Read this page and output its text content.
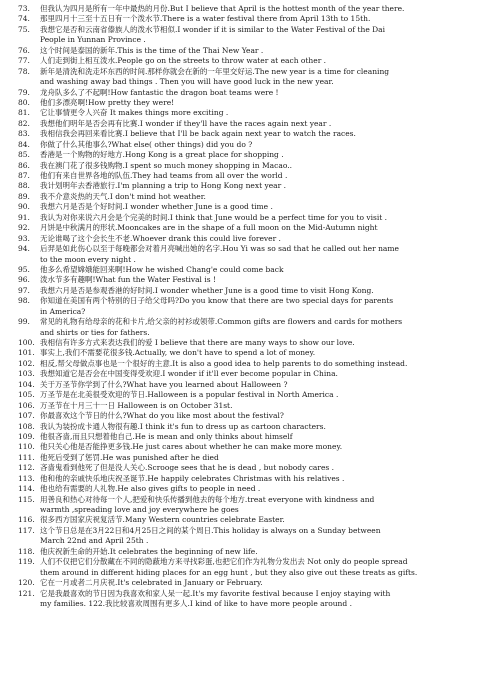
73. 但我认为四月是所有一年中最热的月份.But I believe that April is the hottest month of the year there.
74. 那里四月十三至十五日有一个泼水节.There is a water festival there from April 13th to 15th.
75. 我想它是否和云南省傣族人的泼水节相似.I wonder if it is similar to the Water Festival of the Dai
People in Yunnan Province .
76. 这个时间是泰国的新年.This is the time of the Thai New Year .
77. 人们走到街上相互泼水.People go on the streets to throw water at each other .
78. 新年是清洗和洗走坏东西的时间.那样你就会在新的一年里交好运.The new year is a time for cleaning
and washing away bad things . Then you will have good luck in the new year.
79. 龙舟队多么了不起啊!How fantastic the dragon boat teams were !
80. 他们多漂亮啊!How pretty they were!
81. 它让事情更令人兴奋 It makes things more exciting .
82. 我想他们明年是否会再有比赛.I wonder if they'll have the races again next year .
83. 我相信我会再回来看比赛.I believe that I'll be back again next year to watch the races.
84. 你做了什么其他事么?What else( other things) did you do ?
85. 香港是一个购物的好地方.Hong Kong is a great place for shopping .
86. 我在澳门花了很多钱购物.I spent so much money shopping in Macao..
87. 他们有来自世界各地的队伍.They had teams from all over the world .
88. 我计划明年去香港旅行.I'm planning a trip to Hong Kong next year .
89. 我不介意炎热的天气.I don't mind hot weather.
90. 我想六月是否是个好时间.I wonder whether June is a good time .
91. 我认为对你来说六月会是个完美的时间.I think that June would be a perfect time for you to visit .
92. 月饼是中秋满月的形状.Mooncakes are in the shape of a full moon on the Mid-Autumn night
93. 无论谁喝了这个会长生不老.Whoever drank this could live forever .
94. 后羿是如此伤心以至于每晚都会对着月亮喊出她的名字.Hou Yi was so sad that he called out her name
to the moon every night .
95. 他多么希望嫦娥能回来啊!How he wished Chang'e could come back
96. 泼水节多有趣啊!What fun the Water Festival is !
97. 我想六月是否是参观香港的好时间.I wonder whether June is a good time to visit Hong Kong.
98. 你知道在美国有两个特别的日子给父母吗?Do you know that there are two special days for parents
in America?
99. 常见的礼物有给母亲的花和卡片,给父亲的衬衫或领带.Common gifts are flowers and cards for mothers
and shirts or ties for fathers.
100. 我相信有许多方式来表达我们的爱 I believe that there are many ways to show our love.
101. 事实上,我们不需要花很多钱.Actually, we don't have to spend a lot of money.
102. 相反,帮父母做点事也是一个很好的主意.It is also a good idea to help parents to do something instead.
103. 我想知道它是否会在中国变得受欢迎.I wonder if it'll ever become popular in China.
104. 关于万圣节你学到了什么?What have you learned about Halloween ?
105. 万圣节是在北美很受欢迎的节日.Halloween is a popular festival in North America .
106. 万圣节在十月三十一日 Halloween is on October 31st.
107. 你最喜欢这个节日的什么?What do you like most about the festival?
108. 我认为装扮成卡通人物很有趣.I think it's fun to dress up as cartoon characters.
109. 他很吝啬,而且只想着他自己.He is mean and only thinks about himself
110. 他只关心他是否能挣更多钱.He just cares about whether he can make more money.
111. 他死后受到了惩罚.He was punished after he died
112. 吝啬鬼看到他死了但是没人关心.Scrooge sees that he is dead , but nobody cares .
113. 他和他的亲戚快乐地庆祝圣诞节.He happily celebrates Christmas with his relatives .
114. 他也给有需要的人礼物.He also gives gifts to people in need .
115. 用善良和热心对待每一个人,把爱和快乐传播到他去的每个地方.treat everyone with kindness and
warmth ,spreading love and joy everywhere he goes
116. 很多西方国家庆祝复活节.Many Western countries celebrate Easter.
117. 这个节日总是在3月22日和4月25日之间的某个周日.This holiday is always on a Sunday between
March 22nd and April 25th .
118. 他庆祝新生命的开始.It celebrates the beginning of new life.
119. 人们不仅把它们分散藏在不同的隐蔽地方来寻找彩蛋,也把它们作为礼物分发出去 Not only do people spread
them around in different hiding places for an egg hunt , but they also give out these treats as gifts.
120. 它在一月或者二月庆祝.It's celebrated in January or February.
121. 它是我最喜欢的节日因为我喜欢和家人呆一起.It's my favorite festival because I enjoy staying with
my families. 122.我比较喜欢周围有更多人.I kind of like to have more people around .
